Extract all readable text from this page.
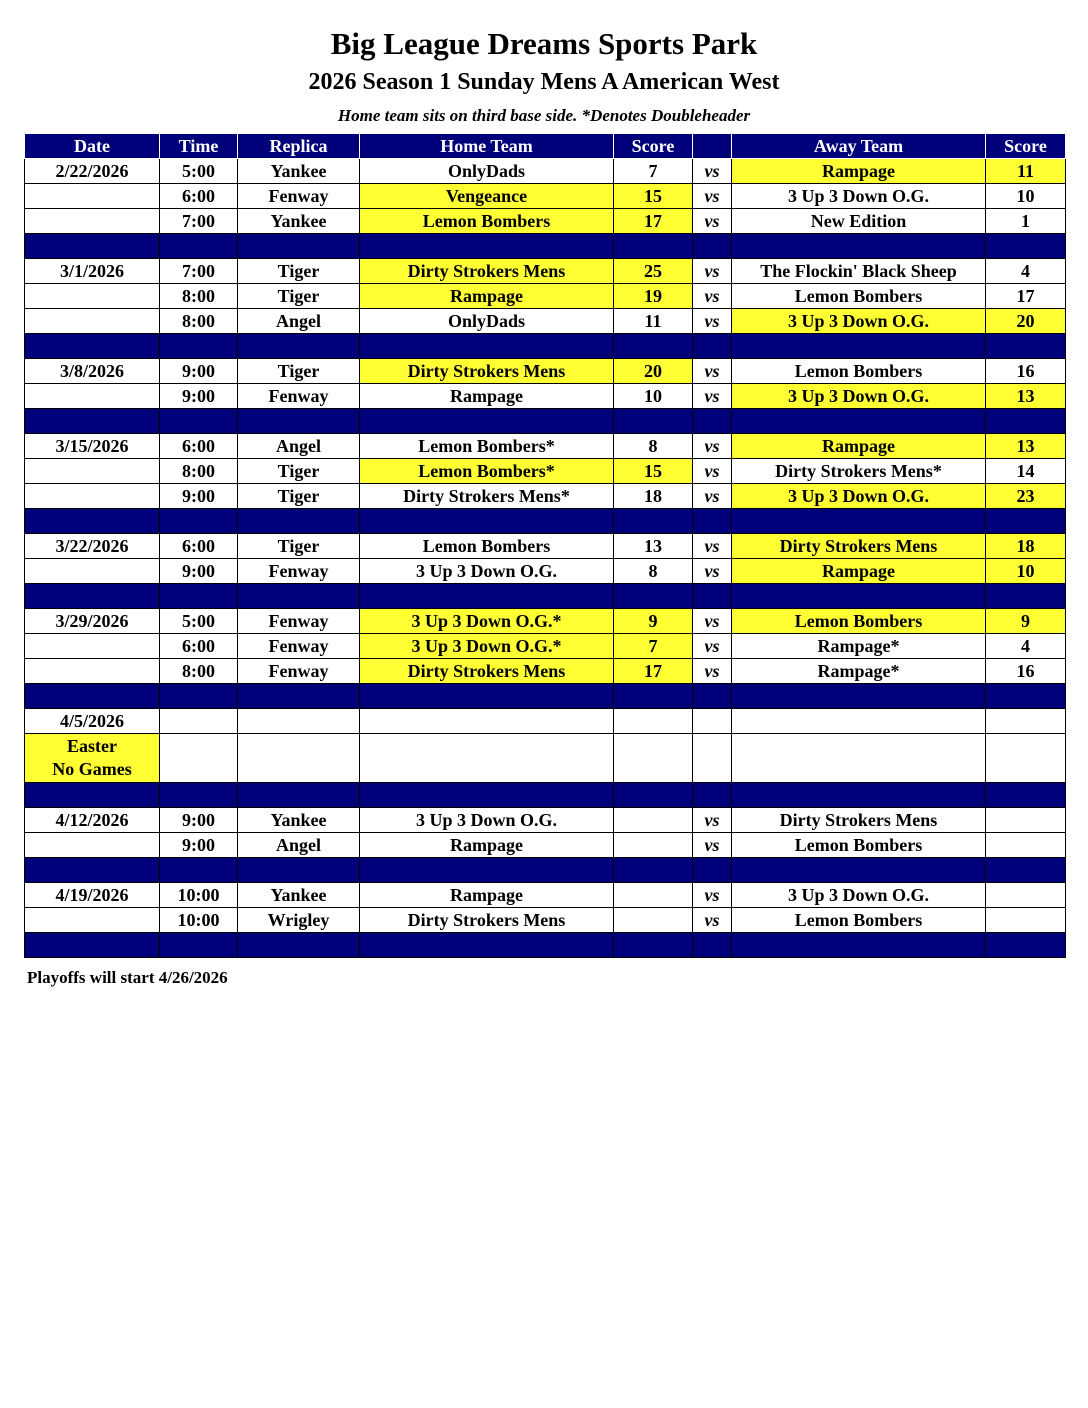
Big League Dreams Sports Park
2026 Season 1 Sunday Mens A American West
Home team sits on third base side. *Denotes Doubleheader
Date	Time	Replica	Home Team	Score		Away Team	Score
2/22/2026	5:00	Yankee	OnlyDads	7	vs	Rampage	11
	6:00	Fenway	Vengeance	15	vs	3 Up 3 Down O.G.	10
	7:00	Yankee	Lemon Bombers	17	vs	New Edition	1

3/1/2026	7:00	Tiger	Dirty Strokers Mens	25	vs	The Flockin' Black Sheep	4
	8:00	Tiger	Rampage	19	vs	Lemon Bombers	17
	8:00	Angel	OnlyDads	11	vs	3 Up 3 Down O.G.	20

3/8/2026	9:00	Tiger	Dirty Strokers Mens	20	vs	Lemon Bombers	16
	9:00	Fenway	Rampage	10	vs	3 Up 3 Down O.G.	13

3/15/2026	6:00	Angel	Lemon Bombers*	8	vs	Rampage	13
	8:00	Tiger	Lemon Bombers*	15	vs	Dirty Strokers Mens*	14
	9:00	Tiger	Dirty Strokers Mens*	18	vs	3 Up 3 Down O.G.	23

3/22/2026	6:00	Tiger	Lemon Bombers	13	vs	Dirty Strokers Mens	18
	9:00	Fenway	3 Up 3 Down O.G.	8	vs	Rampage	10

3/29/2026	5:00	Fenway	3 Up 3 Down O.G.*	9	vs	Lemon Bombers	9
	6:00	Fenway	3 Up 3 Down O.G.*	7	vs	Rampage*	4
	8:00	Fenway	Dirty Strokers Mens	17	vs	Rampage*	16

4/5/2026							

Easter
No Games							

4/12/2026	9:00	Yankee	3 Up 3 Down O.G.		vs	Dirty Strokers Mens	
	9:00	Angel	Rampage		vs	Lemon Bombers	

4/19/2026	10:00	Yankee	Rampage		vs	3 Up 3 Down O.G.	
	10:00	Wrigley	Dirty Strokers Mens		vs	Lemon Bombers	

Playoffs will start 4/26/2026
